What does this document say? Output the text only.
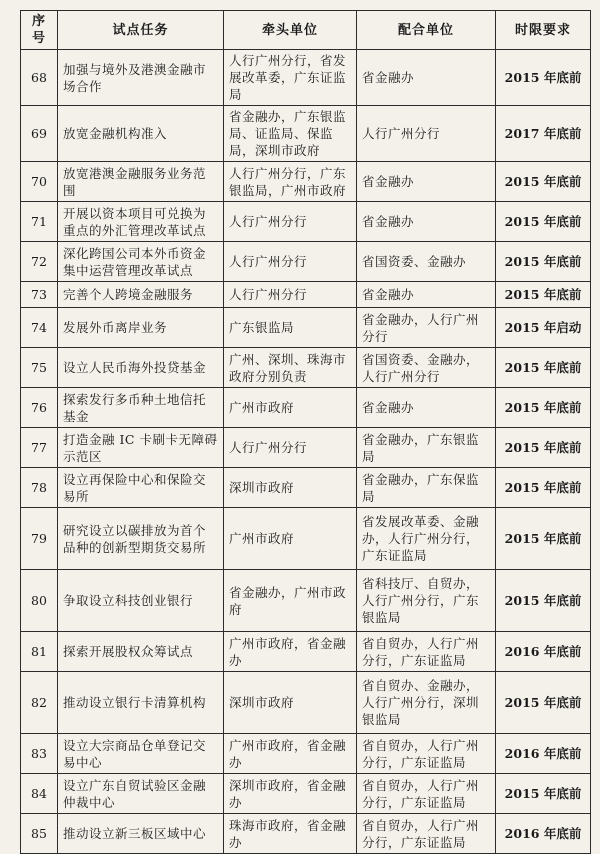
序号	试点任务	牵头单位	配合单位	时限要求
68	加强与境外及港澳金融市场合作	人行广州分行，省发展改革委，广东证监局	省金融办	2015 年底前
69	放宽金融机构准入	省金融办，广东银监局、证监局、保监局，深圳市政府	人行广州分行	2017 年底前
70	放宽港澳金融服务业务范围	人行广州分行，广东银监局，广州市政府	省金融办	2015 年底前
71	开展以资本项目可兑换为重点的外汇管理改革试点	人行广州分行	省金融办	2015 年底前
72	深化跨国公司本外币资金集中运营管理改革试点	人行广州分行	省国资委、金融办	2015 年底前
73	完善个人跨境金融服务	人行广州分行	省金融办	2015 年底前
74	发展外币离岸业务	广东银监局	省金融办，人行广州分行	2015 年启动
75	设立人民币海外投贷基金	广州、深圳、珠海市政府分别负责	省国资委、金融办，人行广州分行	2015 年底前
76	探索发行多币种土地信托基金	广州市政府	省金融办	2015 年底前
77	打造金融 IC 卡刷卡无障碍示范区	人行广州分行	省金融办，广东银监局	2015 年底前
78	设立再保险中心和保险交易所	深圳市政府	省金融办，广东保监局	2015 年底前
79	研究设立以碳排放为首个品种的创新型期货交易所	广州市政府	省发展改革委、金融办，人行广州分行，广东证监局	2015 年底前
80	争取设立科技创业银行	省金融办，广州市政府	省科技厅、自贸办，人行广州分行，广东银监局	2015 年底前
81	探索开展股权众筹试点	广州市政府，省金融办	省自贸办，人行广州分行，广东证监局	2016 年底前
82	推动设立银行卡清算机构	深圳市政府	省自贸办、金融办，人行广州分行，深圳银监局	2015 年底前
83	设立大宗商品仓单登记交易中心	广州市政府，省金融办	省自贸办，人行广州分行，广东证监局	2016 年底前
84	设立广东自贸试验区金融仲裁中心	深圳市政府，省金融办	省自贸办，人行广州分行，广东证监局	2015 年底前
85	推动设立新三板区域中心	珠海市政府，省金融办	省自贸办，人行广州分行，广东证监局	2016 年底前
